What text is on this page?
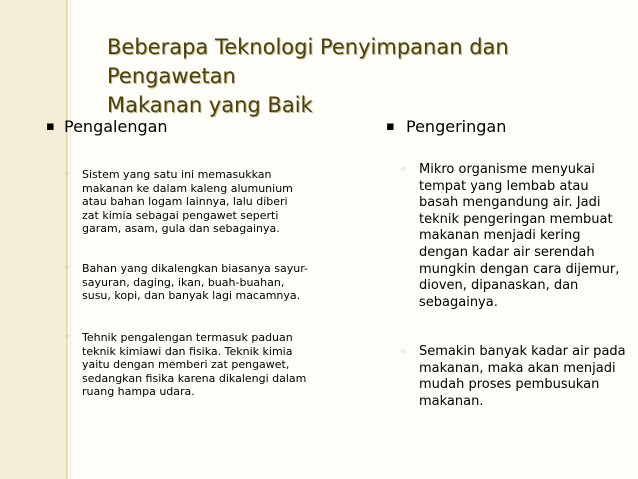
Beberapa Teknologi Penyimpanan dan Pengawetan
Makanan yang Baik
▪ Pengalengan
◦ Sistem yang satu ini memasukkan
makanan ke dalam kaleng alumunium
atau bahan logam lainnya, lalu diberi
zat kimia sebagai pengawet seperti
garam, asam, gula dan sebagainya.
◦ Bahan yang dikalengkan biasanya sayur-
sayuran, daging, ikan, buah-buahan,
susu, kopi, dan banyak lagi macamnya.
◦ Tehnik pengalengan termasuk paduan
teknik kimiawi dan fisika. Teknik kimia
yaitu dengan memberi zat pengawet,
sedangkan fisika karena dikalengi dalam
ruang hampa udara.
▪ Pengeringan
◦ Mikro organisme menyukai
tempat yang lembab atau
basah mengandung air. Jadi
teknik pengeringan membuat
makanan menjadi kering
dengan kadar air serendah
mungkin dengan cara dijemur,
dioven, dipanaskan, dan
sebagainya.
◦ Semakin banyak kadar air pada
makanan, maka akan menjadi
mudah proses pembusukan
makanan.
